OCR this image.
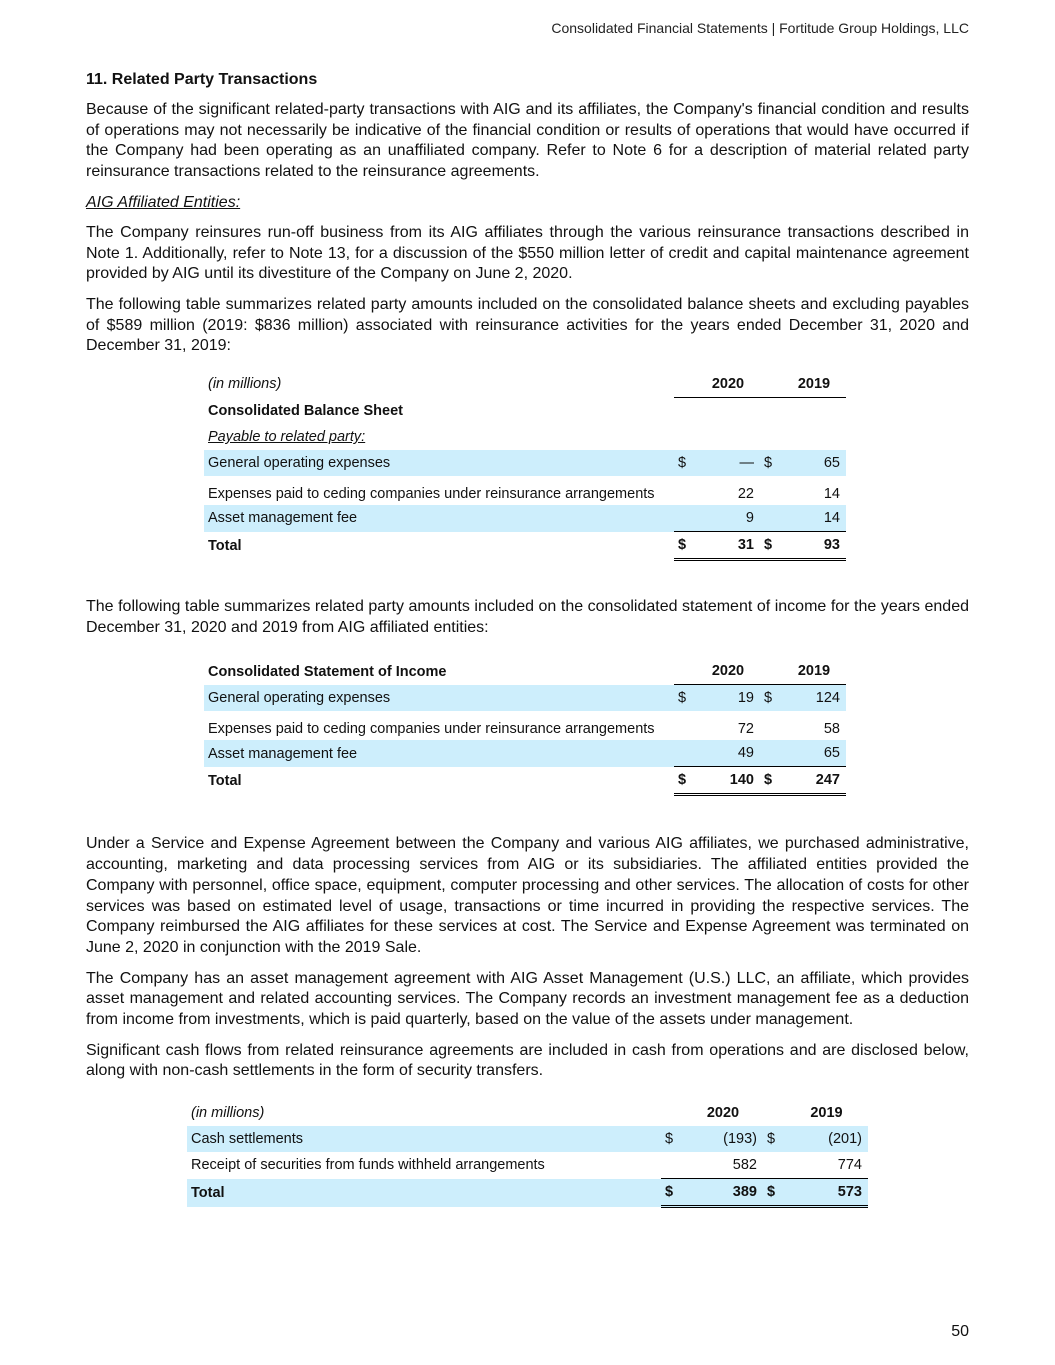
Consolidated Financial Statements | Fortitude Group Holdings, LLC
11. Related Party Transactions

Because of the significant related-party transactions with AIG and its affiliates, the Company's financial condition and results of operations may not necessarily be indicative of the financial condition or results of operations that would have occurred if the Company had been operating as an unaffiliated company. Refer to Note 6 for a description of material related party reinsurance transactions related to the reinsurance agreements.

AIG Affiliated Entities:

The Company reinsures run-off business from its AIG affiliates through the various reinsurance transactions described in Note 1. Additionally, refer to Note 13, for a discussion of the $550 million letter of credit and capital maintenance agreement provided by AIG until its divestiture of the Company on June 2, 2020.

The following table summarizes related party amounts included on the consolidated balance sheets and excluding payables of $589 million (2019: $836 million) associated with reinsurance activities for the years ended December 31, 2020 and December 31, 2019:

(in millions)		2020		2019
Consolidated Balance Sheet				
Payable to related party:				
General operating expenses	$	—	$	65
Expenses paid to ceding companies under reinsurance arrangements		22		14
Asset management fee		9		14
Total	$	31	$	93

The following table summarizes related party amounts included on the consolidated statement of income for the years ended December 31, 2020 and 2019 from AIG affiliated entities:

Consolidated Statement of Income		2020		2019
General operating expenses	$	19	$	124
Expenses paid to ceding companies under reinsurance arrangements		72		58
Asset management fee		49		65
Total	$	140	$	247

Under a Service and Expense Agreement between the Company and various AIG affiliates, we purchased administrative, accounting, marketing and data processing services from AIG or its subsidiaries. The affiliated entities provided the Company with personnel, office space, equipment, computer processing and other services. The allocation of costs for other services was based on estimated level of usage, transactions or time incurred in providing the respective services. The Company reimbursed the AIG affiliates for these services at cost. The Service and Expense Agreement was terminated on June 2, 2020 in conjunction with the 2019 Sale.

The Company has an asset management agreement with AIG Asset Management (U.S.) LLC, an affiliate, which provides asset management and related accounting services. The Company records an investment management fee as a deduction from income from investments, which is paid quarterly, based on the value of the assets under management.

Significant cash flows from related reinsurance agreements are included in cash from operations and are disclosed below, along with non-cash settlements in the form of security transfers.

(in millions)		2020		2019
Cash settlements	$	(193)	$	(201)
Receipt of securities from funds withheld arrangements		582		774
Total	$	389	$	573
50
